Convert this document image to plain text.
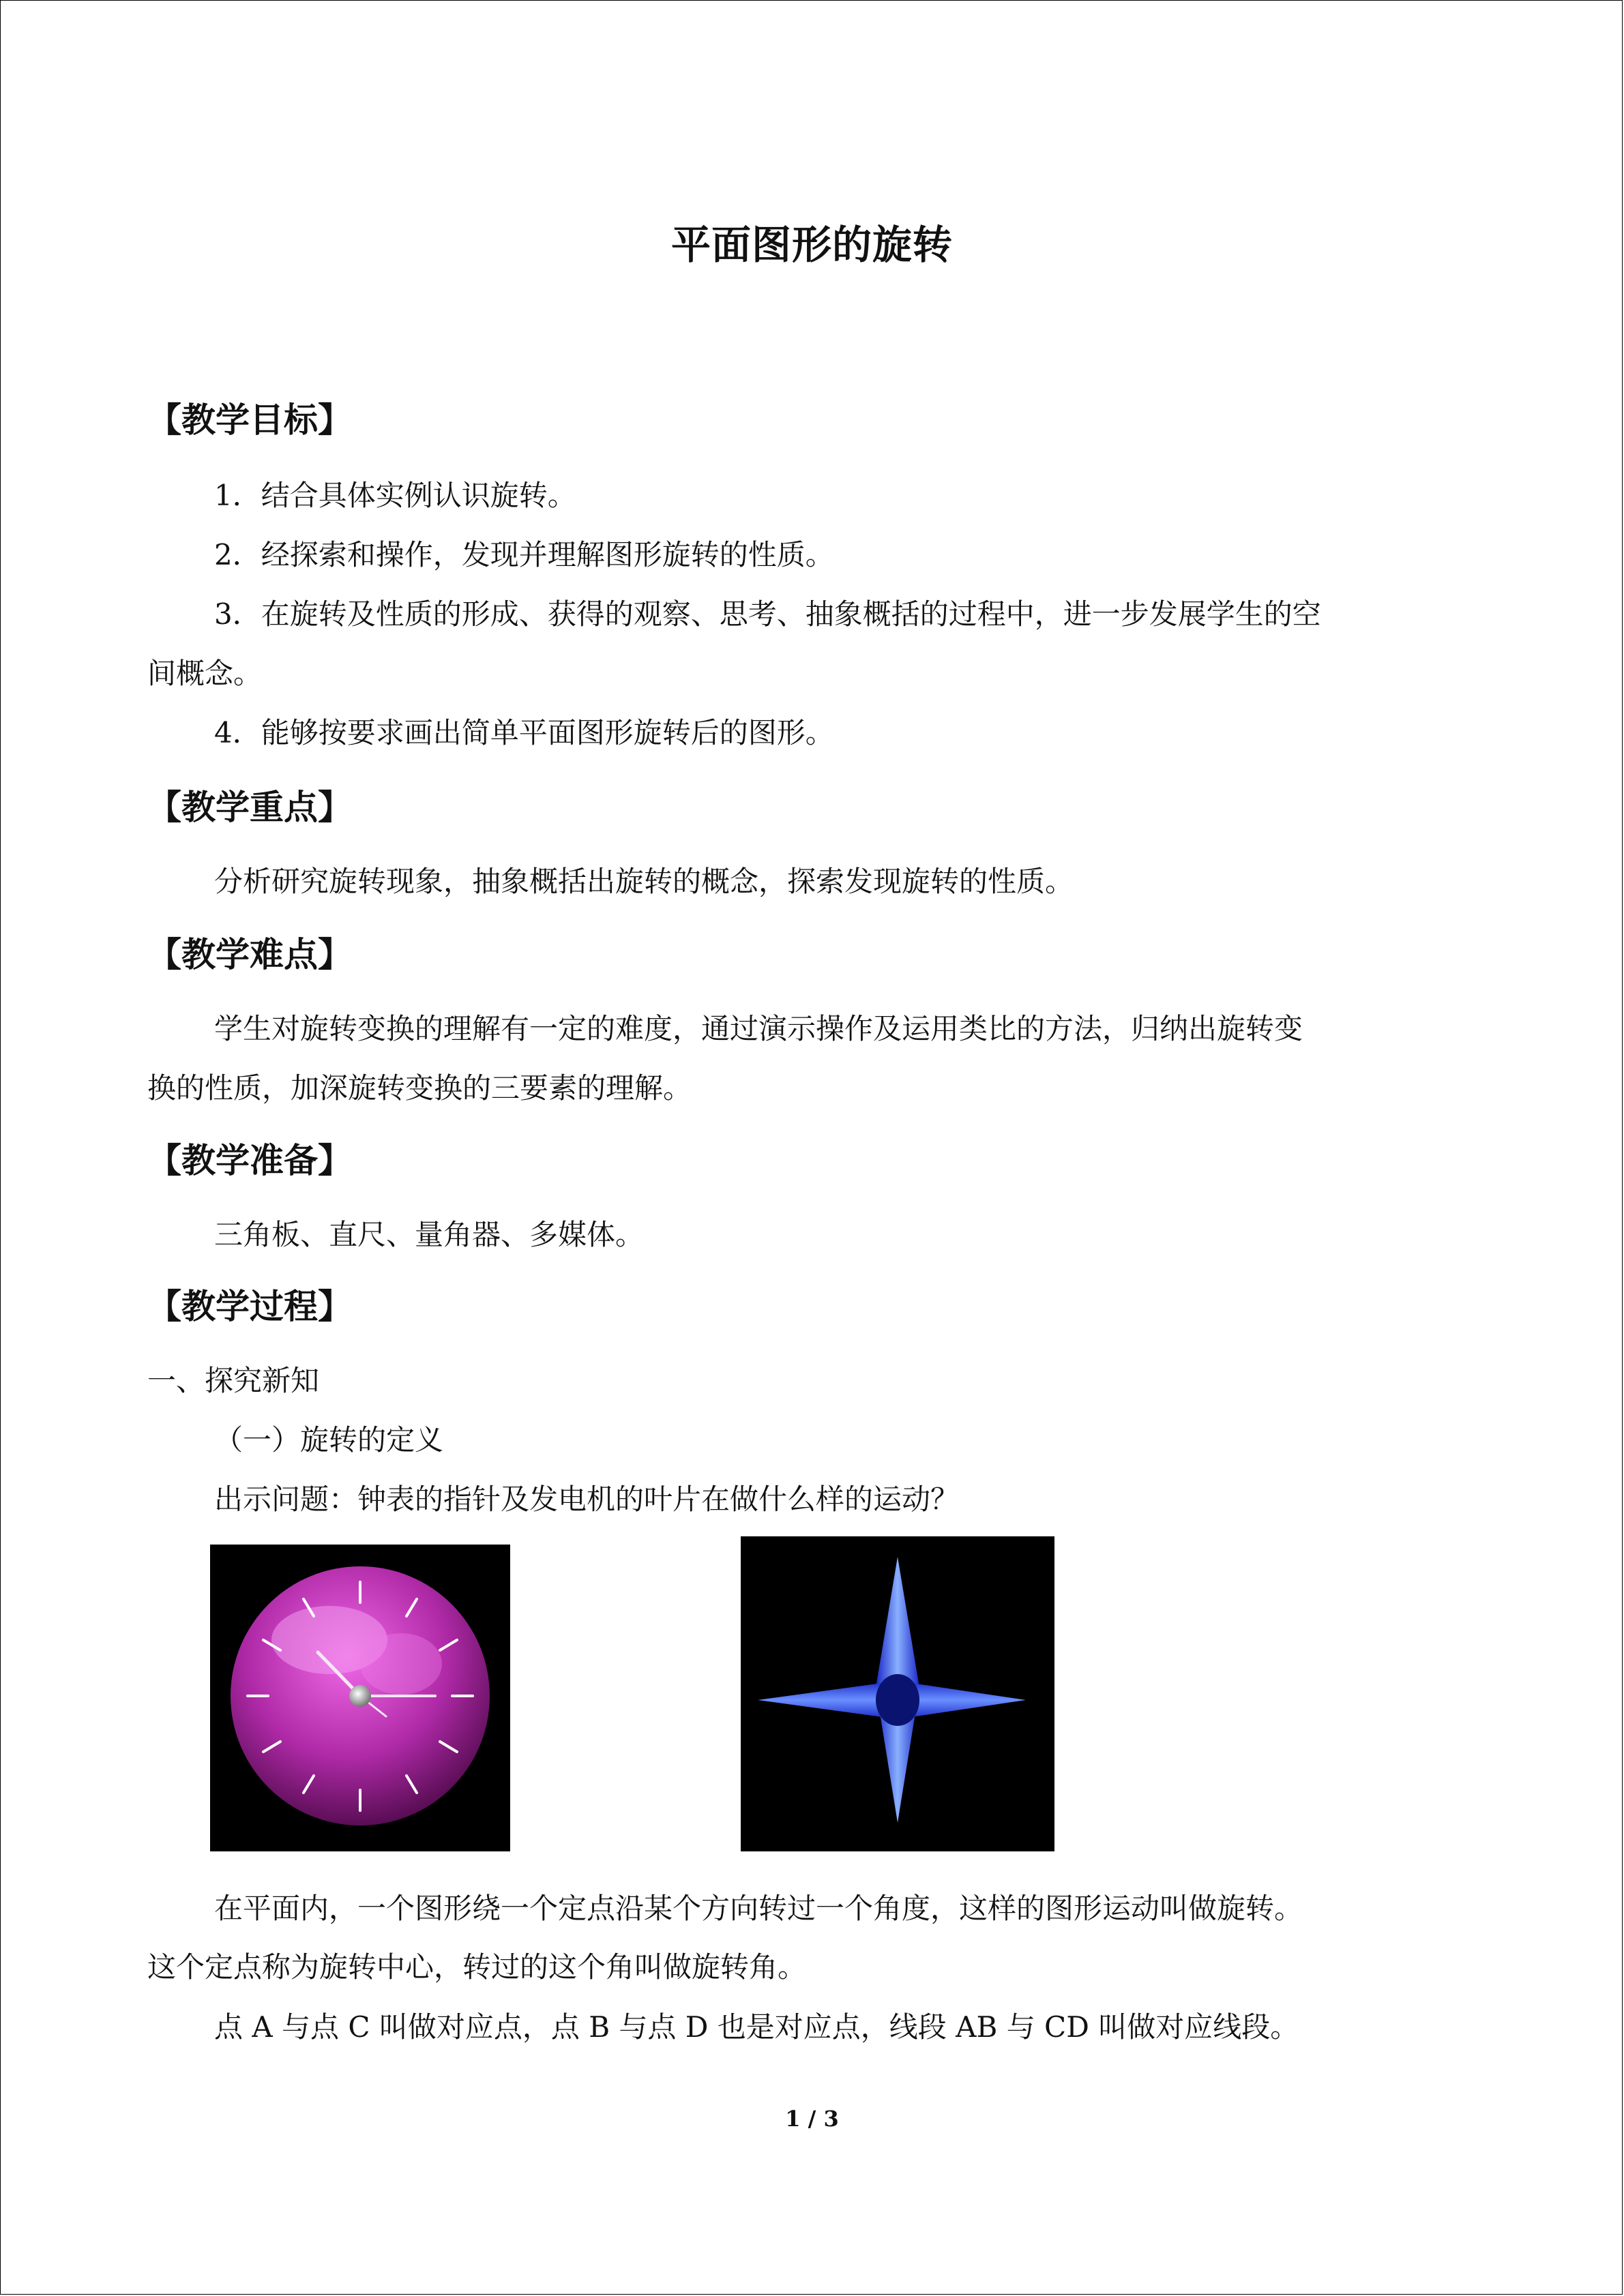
平面图形的旋转
【教学目标】
1．结合具体实例认识旋转。
2．经探索和操作，发现并理解图形旋转的性质。
3．在旋转及性质的形成、获得的观察、思考、抽象概括的过程中，进一步发展学生的空
间概念。
4．能够按要求画出简单平面图形旋转后的图形。
【教学重点】
分析研究旋转现象，抽象概括出旋转的概念，探索发现旋转的性质。
【教学难点】
学生对旋转变换的理解有一定的难度，通过演示操作及运用类比的方法，归纳出旋转变
换的性质，加深旋转变换的三要素的理解。
【教学准备】
三角板、直尺、量角器、多媒体。
【教学过程】
一、探究新知
（一）旋转的定义
出示问题：钟表的指针及发电机的叶片在做什么样的运动？
在平面内，一个图形绕一个定点沿某个方向转过一个角度，这样的图形运动叫做旋转。
这个定点称为旋转中心，转过的这个角叫做旋转角。
点 A 与点 C 叫做对应点，点 B 与点 D 也是对应点，线段 AB 与 CD 叫做对应线段。
1 / 3
